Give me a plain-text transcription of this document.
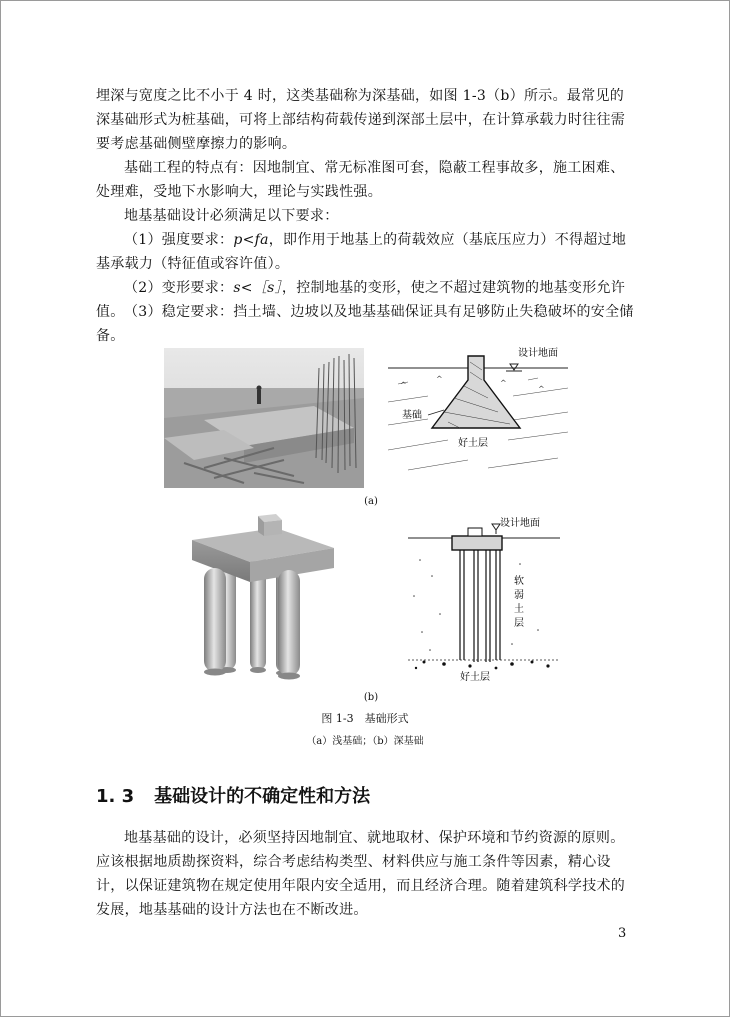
埋深与宽度之比不小于 4 时，这类基础称为深基础，如图 1-3（b）所示。最常见的深基础形式为桩基础，可将上部结构荷载传递到深部土层中，在计算承载力时往往需要考虑基础侧壁摩擦力的影响。

基础工程的特点有：因地制宜、常无标准图可套，隐蔽工程事故多，施工困难、处理难，受地下水影响大，理论与实践性强。

地基基础设计必须满足以下要求：

（1）强度要求：p<fa，即作用于地基上的荷载效应（基底压应力）不得超过地基承载力（特征值或容许值）。

（2）变形要求：s<［s］，控制地基的变形，使之不超过建筑物的地基变形允许值。 （3）稳定要求：挡土墙、边坡以及地基基础保证具有足够防止失稳破坏的安全储备。

设计地面
^
^	^
^
基础
好土层
(a)
设计地面
软
弱
土
层
好土层
(b)
图 1-3　基础形式
（a）浅基础；（b）深基础
1. 3 基础设计的不确定性和方法

地基基础的设计，必须坚持因地制宜、就地取材、保护环境和节约资源的原则。应该根据地质勘探资料，综合考虑结构类型、材料供应与施工条件等因素，精心设计，以保证建筑物在规定使用年限内安全适用，而且经济合理。随着建筑科学技术的发展，地基基础的设计方法也在不断改进。

3
